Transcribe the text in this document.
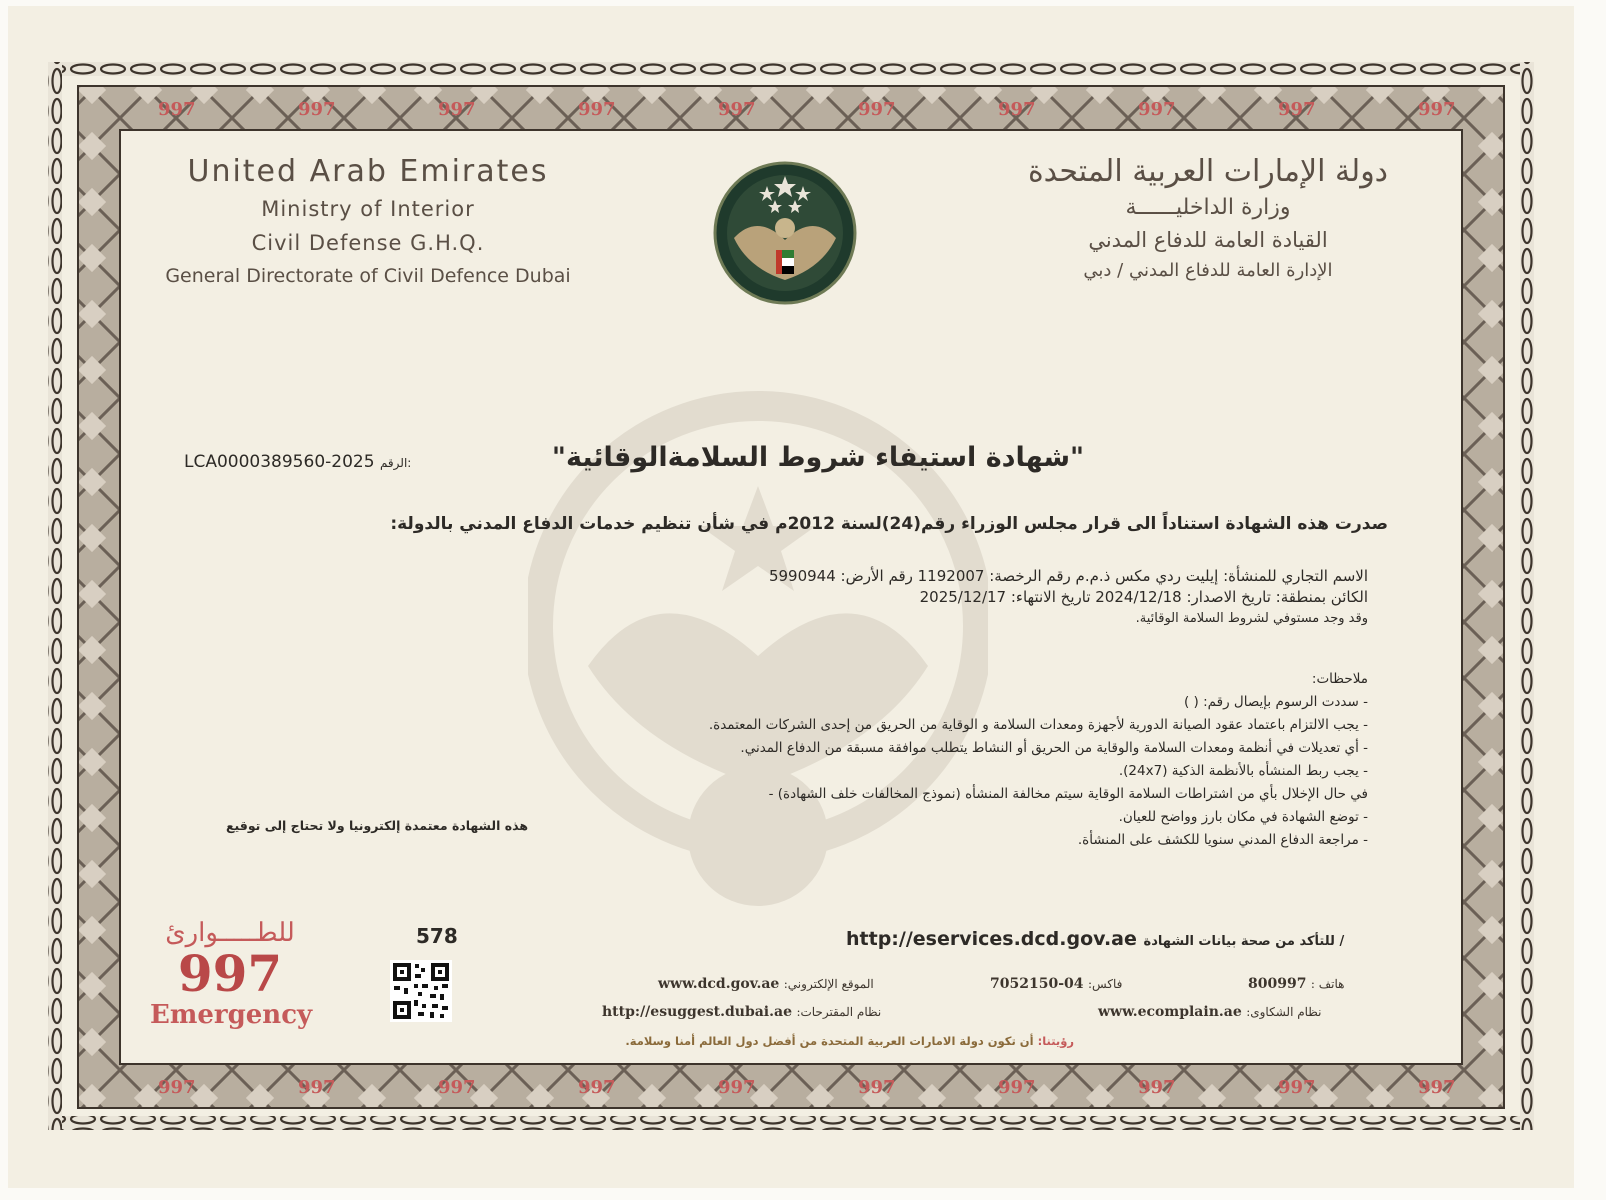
997	997	997	997	997	997	997	997	997	997
997	997	997	997	997	997	997	997	997	997
United Arab Emirates
Ministry of Interior
Civil Defense G.H.Q.
General Directorate of Civil Defence Dubai
دولة الإمارات العربية المتحدة
وزارة الداخليــــــة
القيادة العامة للدفاع المدني
الإدارة العامة للدفاع المدني / دبي
LCA0000389560-2025 الرقم:	"شهادة استيفاء شروط السلامةالوقائية"
صدرت هذه الشهادة استناداً الى قرار مجلس الوزراء رقم(24)لسنة 2012م في شأن تنظيم خدمات الدفاع المدني بالدولة:
الاسم التجاري للمنشأة: إيليت ردي مكس ذ.م.م رقم الرخصة: 1192007 رقم الأرض: 5990944
الكائن بمنطقة: تاريخ الاصدار: 2024/12/18 تاريخ الانتهاء: 2025/12/17
وقد وجد مستوفي لشروط السلامة الوقائية.
ملاحظات:
- سددت الرسوم بإيصال رقم: ( )
- يجب الالتزام باعتماد عقود الصيانة الدورية لأجهزة ومعدات السلامة و الوقاية من الحريق من إحدى الشركات المعتمدة.
- أي تعديلات في أنظمة ومعدات السلامة والوقاية من الحريق أو النشاط يتطلب موافقة مسبقة من الدفاع المدني.
- يجب ربط المنشأه بالأنظمة الذكية (24x7).
في حال الإخلال بأي من اشتراطات السلامة الوقاية سيتم مخالفة المنشأه (نموذج المخالفات خلف الشهادة) -
- توضع الشهادة في مكان بارز وواضح للعيان.
- مراجعة الدفاع المدني سنويا للكشف على المنشأة.
هذه الشهادة معتمدة إلكترونيا ولا تحتاج إلى توقيع
للطـــــوارئ
997
Emergency
578	http://eservices.dcd.gov.ae للتأكد من صحة بيانات الشهادة /
هاتف : 800997
فاكس: 04-7052150
الموقع الإلكتروني: www.dcd.gov.ae
نظام الشكاوى: www.ecomplain.ae
نظام المقترحات: http://esuggest.dubai.ae
رؤيتنا: أن تكون دولة الامارات العربية المتحدة من أفضل دول العالم أمنا وسلامة.
